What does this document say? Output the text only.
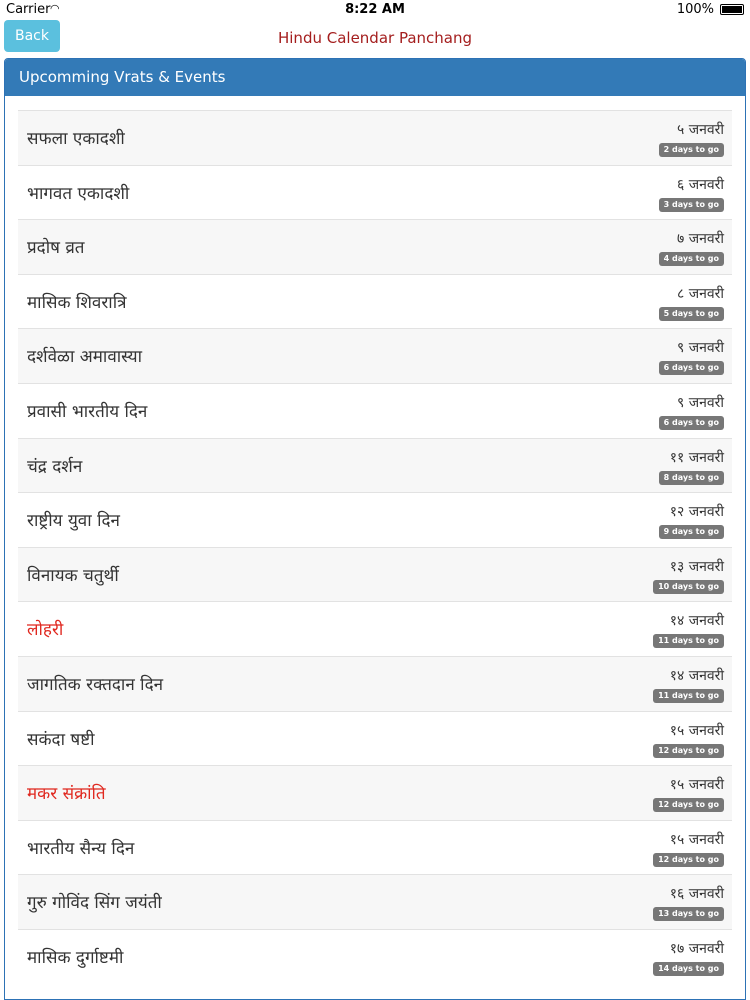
Carrier ◠	8:22 AM	100%
Back	Hindu Calendar Panchang
Upcomming Vrats & Events
सफला एकादशी	५ जनवरी
2 days to go
भागवत एकादशी	६ जनवरी
3 days to go
प्रदोष व्रत	७ जनवरी
4 days to go
मासिक शिवरात्रि	८ जनवरी
5 days to go
दर्शवेळा अमावास्या	९ जनवरी
6 days to go
प्रवासी भारतीय दिन	९ जनवरी
6 days to go
चंद्र दर्शन	११ जनवरी
8 days to go
राष्ट्रीय युवा दिन	१२ जनवरी
9 days to go
विनायक चतुर्थी	१३ जनवरी
10 days to go
लोहरी	१४ जनवरी
11 days to go
जागतिक रक्तदान दिन	१४ जनवरी
11 days to go
सकंदा षष्टी	१५ जनवरी
12 days to go
मकर संक्रांति	१५ जनवरी
12 days to go
भारतीय सैन्य दिन	१५ जनवरी
12 days to go
गुरु गोविंद सिंग जयंती	१६ जनवरी
13 days to go
मासिक दुर्गाष्टमी	१७ जनवरी
14 days to go
